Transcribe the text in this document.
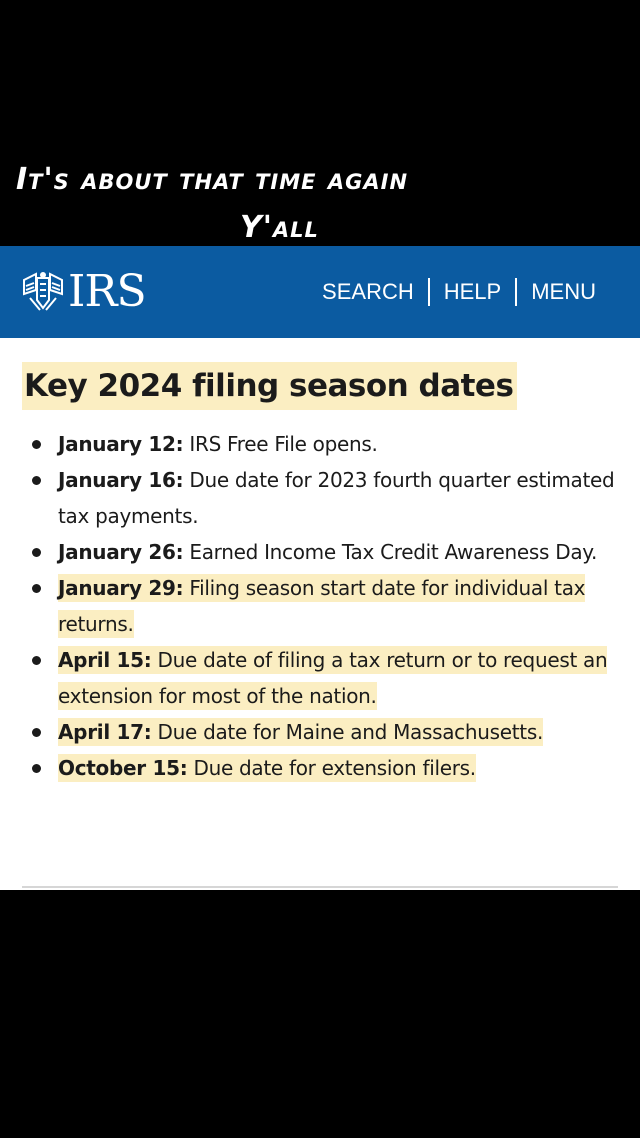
It's about that time again
Y'all
IRS	SEARCH	HELP	MENU
Key 2024 filing season dates
January 12: IRS Free File opens.
January 16: Due date for 2023 fourth quarter estimated tax payments.
January 26: Earned Income Tax Credit Awareness Day.
January 29: Filing season start date for individual tax returns.
April 15: Due date of filing a tax return or to request an extension for most of the nation.
April 17: Due date for Maine and Massachusetts.
October 15: Due date for extension filers.
